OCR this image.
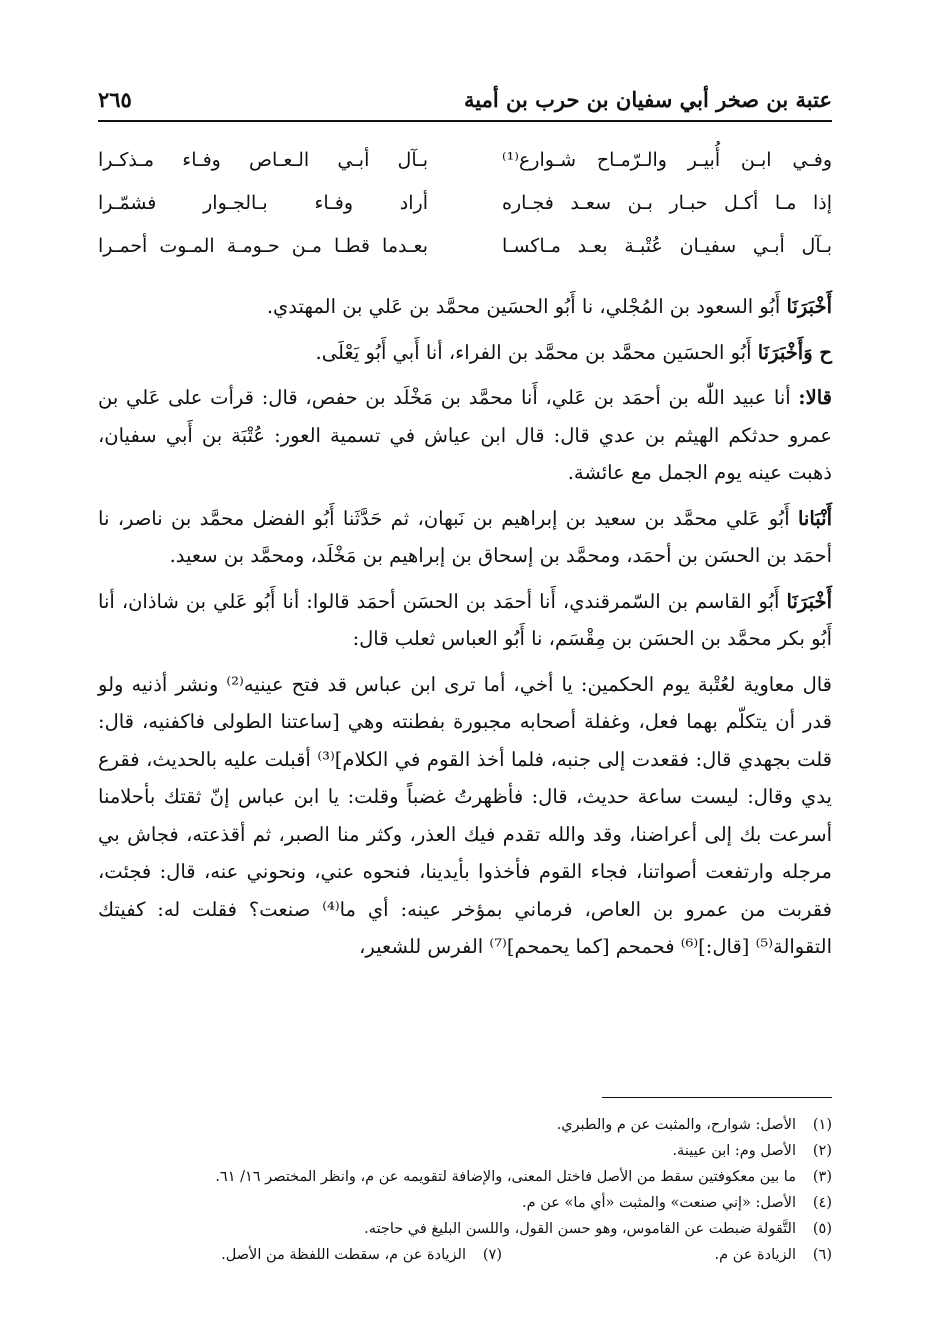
عتبة بن صخر أبي سفيان بن حرب بن أمية
٢٦٥
وفـي ابـن أُبيـر والـرّمـاح شـوارع⁽¹⁾
بـآل أبـي الـعـاص وفـاء مـذكـرا
إذا مـا أكـل حبـار بـن سعـد فجـاره
أراد وفـاء بـالجـوار فشمّـرا
بـآل أبـي سفيـان عُتْبـة بعـد مـاكسـا
بعـدما قطـا مـن حـومـة المـوت أحمـرا

أَخْبَرَنَا أَبُو السعود بن المُجْلي، نا أَبُو الحسَين محمَّد بن عَلي بن المهتدي.

ح وَأَخْبَرَنَا أَبُو الحسَين محمَّد بن محمَّد بن الفراء، أنا أَبي أَبُو يَعْلَى.

قالا: أنا عبيد اللّٰه بن أحمَد بن عَلي، أَنا محمَّد بن مَخْلَد بن حفص، قال: قرأت على عَلي بن عمرو حدثكم الهيثم بن عدي قال: قال ابن عياش في تسمية العور: عُتْبَة بن أَبي سفيان، ذهبت عينه يوم الجمل مع عائشة.

أَنْبَانا أَبُو عَلي محمَّد بن سعيد بن إبراهيم بن نَبهان، ثم حَدَّثَنا أَبُو الفضل محمَّد بن ناصر، نا أحمَد بن الحسَن بن أحمَد، ومحمَّد بن إسحاق بن إبراهيم بن مَخْلَد، ومحمَّد بن سعيد.

أَخْبَرَنَا أَبُو القاسم بن السّمرقندي، أَنا أحمَد بن الحسَن أحمَد قالوا: أنا أَبُو عَلي بن شاذان، أنا أَبُو بكر محمَّد بن الحسَن بن مِقْسَم، نا أَبُو العباس ثعلب قال:

قال معاوية لعُتْبة يوم الحكمين: يا أخي، أما ترى ابن عباس قد فتح عينيه⁽²⁾ ونشر أذنيه ولو قدر أن يتكلّم بهما فعل، وغفلة أصحابه مجبورة بفطنته وهي [ساعتنا الطولى فاكفنيه، قال: قلت بجهدي قال: فقعدت إلى جنبه، فلما أخذ القوم في الكلام]⁽³⁾ أقبلت عليه بالحديث، فقرع يدي وقال: ليست ساعة حديث، قال: فأظهرتُ غضباً وقلت: يا ابن عباس إنّ ثقتك بأحلامنا أسرعت بك إلى أعراضنا، وقد والله تقدم فيك العذر، وكثر منا الصبر، ثم أقذعته، فجاش بي مرجله وارتفعت أصواتنا، فجاء القوم فأخذوا بأيدينا، فنحوه عني، ونحوني عنه، قال: فجئت، فقربت من عمرو بن العاص، فرماني بمؤخر عينه: أي ما⁽⁴⁾ صنعت؟ فقلت له: كفيتك التقوالة⁽⁵⁾ [قال:]⁽⁶⁾ فحمحم [كما يحمحم]⁽⁷⁾ الفرس للشعير،

(١)الأصل: شوارح، والمثبت عن م والطبري.
(٢)الأصل وم: ابن عيينة.
(٣)ما بين معكوفتين سقط من الأصل فاختل المعنى، والإضافة لتقويمه عن م، وانظر المختصر ١٦/ ٦١.
(٤)الأصل: «إني صنعت» والمثبت «أي ما» عن م.
(٥)التَّقولة ضبطت عن القاموس، وهو حسن القول، واللسن البليغ في حاجته.
(٦)الزيادة عن م.
(٧)الزيادة عن م، سقطت اللفظة من الأصل.
